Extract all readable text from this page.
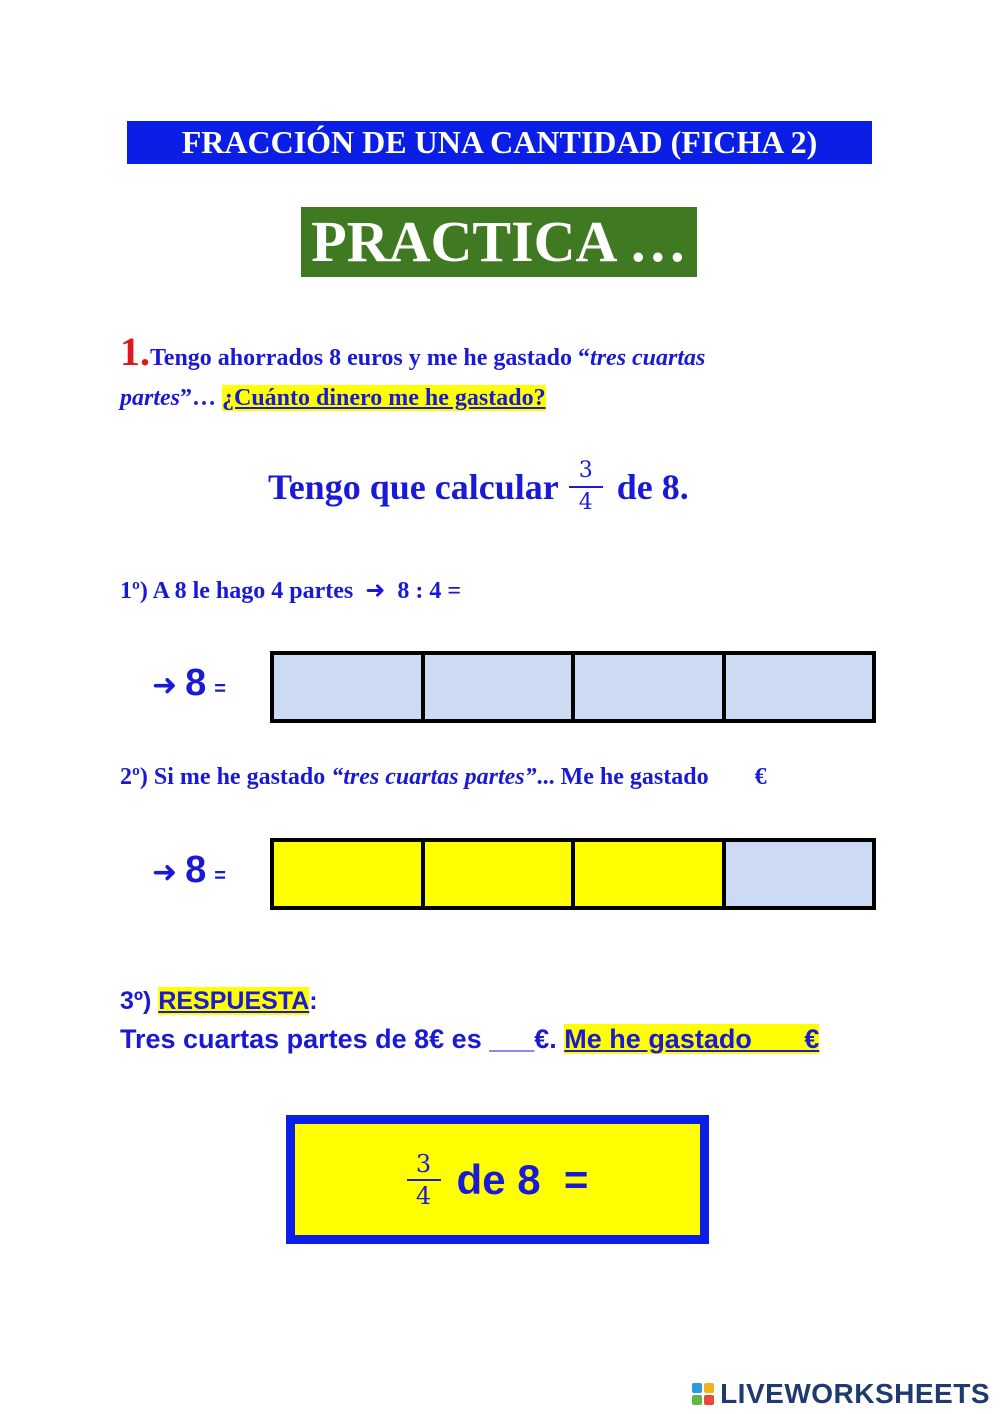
FRACCIÓN DE UNA CANTIDAD (FICHA 2)
PRACTICA …
1.Tengo ahorrados 8 euros y me he gastado “tres cuartas
partes”… ¿Cuánto dinero me he gastado?
Tengo que calcular $\frac{3}{4}$ de 8.
1º) A 8 le hago 4 partes ➜ 8 : 4 =
➜ 8 =
2º) Si me he gastado “tres cuartas partes”... Me he gastado €
➜ 8 =
3º) RESPUESTA:
Tres cuartas partes de 8€ es ___€. Me he gastado       €
$\frac{3}{4}$ de 8  =
LIVEWORKSHEETS
